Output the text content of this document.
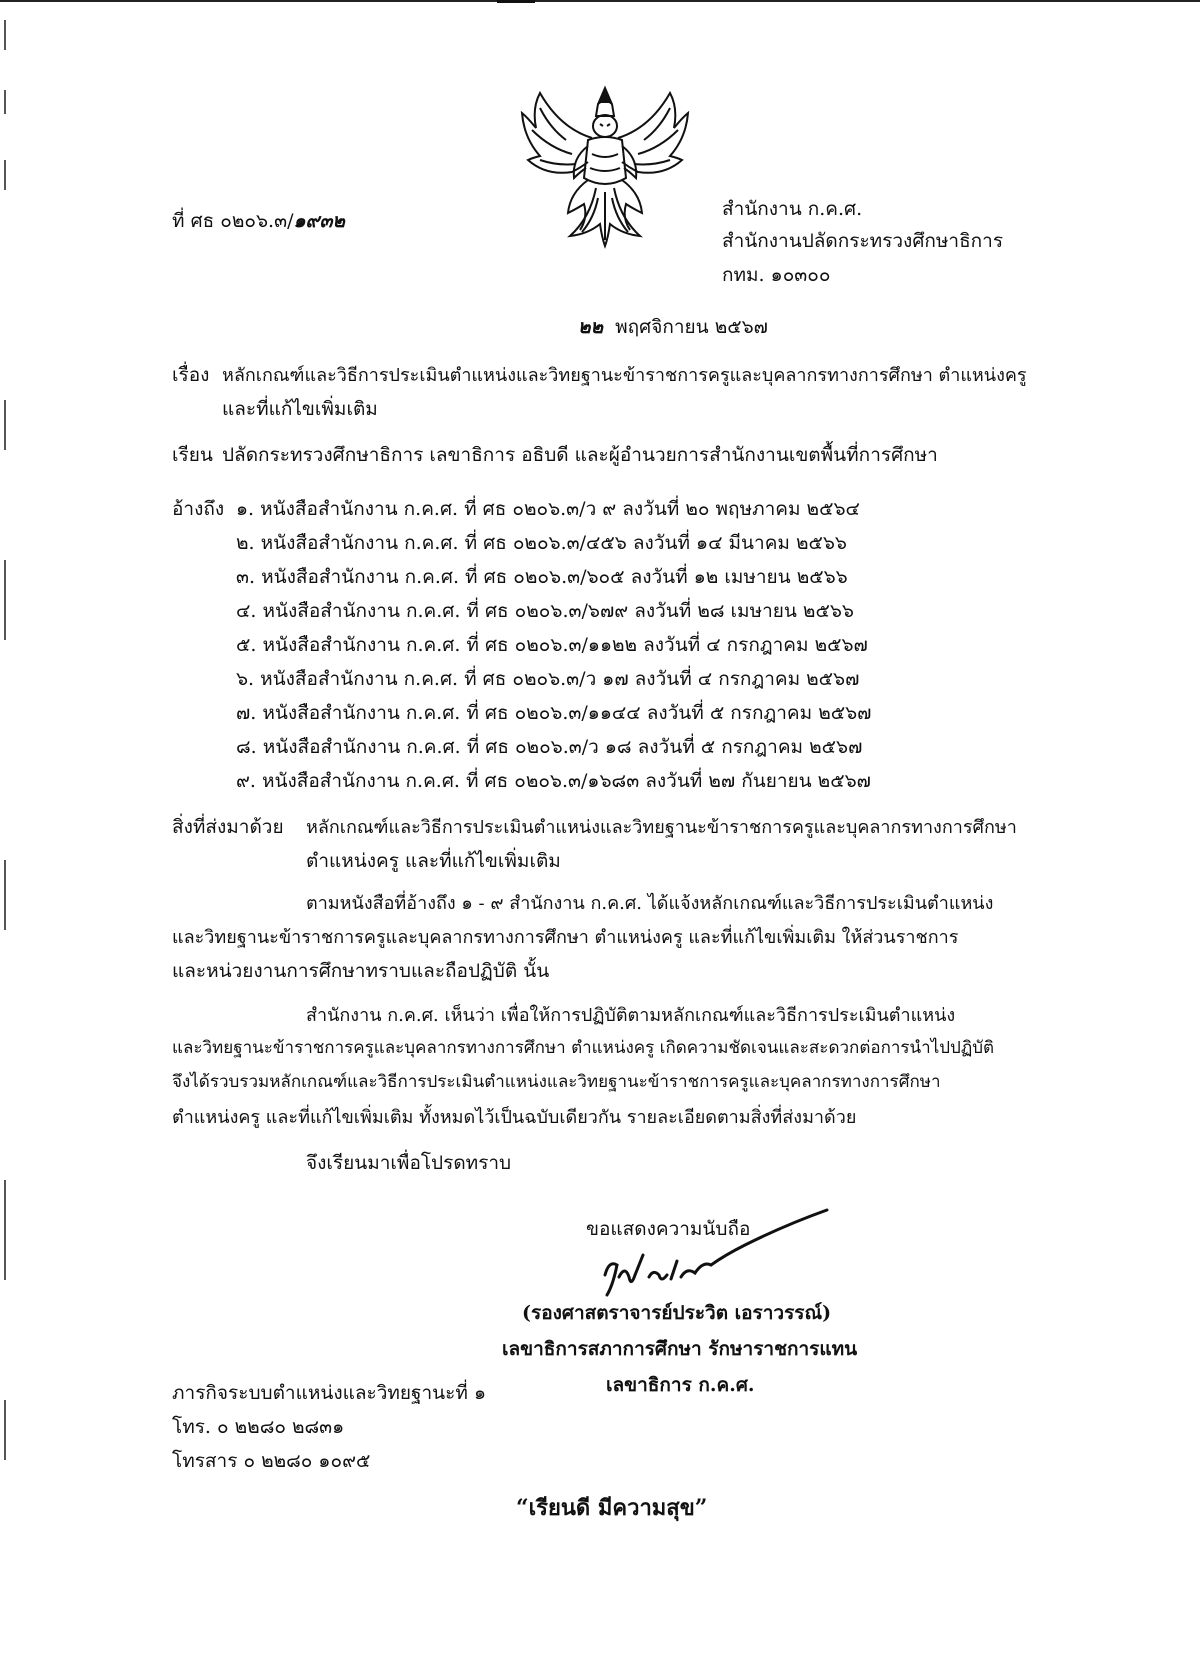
ที่ ศธ ๐๒๐๖.๓/๑๙๓๒
สำนักงาน ก.ค.ศ.
สำนักงานปลัดกระทรวงศึกษาธิการ
กทม. ๑๐๓๐๐
๒๒ พฤศจิกายน ๒๕๖๗
เรื่อง หลักเกณฑ์และวิธีการประเมินตำแหน่งและวิทยฐานะข้าราชการครูและบุคลากรทางการศึกษา ตำแหน่งครู
และที่แก้ไขเพิ่มเติม
เรียน ปลัดกระทรวงศึกษาธิการ เลขาธิการ อธิบดี และผู้อำนวยการสำนักงานเขตพื้นที่การศึกษา
อ้างถึง ๑. หนังสือสำนักงาน ก.ค.ศ. ที่ ศธ ๐๒๐๖.๓/ว ๙ ลงวันที่ ๒๐ พฤษภาคม ๒๕๖๔
๒. หนังสือสำนักงาน ก.ค.ศ. ที่ ศธ ๐๒๐๖.๓/๔๕๖ ลงวันที่ ๑๔ มีนาคม ๒๕๖๖
๓. หนังสือสำนักงาน ก.ค.ศ. ที่ ศธ ๐๒๐๖.๓/๖๐๕ ลงวันที่ ๑๒ เมษายน ๒๕๖๖
๔. หนังสือสำนักงาน ก.ค.ศ. ที่ ศธ ๐๒๐๖.๓/๖๗๙ ลงวันที่ ๒๘ เมษายน ๒๕๖๖
๕. หนังสือสำนักงาน ก.ค.ศ. ที่ ศธ ๐๒๐๖.๓/๑๑๒๒ ลงวันที่ ๔ กรกฎาคม ๒๕๖๗
๖. หนังสือสำนักงาน ก.ค.ศ. ที่ ศธ ๐๒๐๖.๓/ว ๑๗ ลงวันที่ ๔ กรกฎาคม ๒๕๖๗
๗. หนังสือสำนักงาน ก.ค.ศ. ที่ ศธ ๐๒๐๖.๓/๑๑๔๔ ลงวันที่ ๕ กรกฎาคม ๒๕๖๗
๘. หนังสือสำนักงาน ก.ค.ศ. ที่ ศธ ๐๒๐๖.๓/ว ๑๘ ลงวันที่ ๕ กรกฎาคม ๒๕๖๗
๙. หนังสือสำนักงาน ก.ค.ศ. ที่ ศธ ๐๒๐๖.๓/๑๖๘๓ ลงวันที่ ๒๗ กันยายน ๒๕๖๗
สิ่งที่ส่งมาด้วย หลักเกณฑ์และวิธีการประเมินตำแหน่งและวิทยฐานะข้าราชการครูและบุคลากรทางการศึกษา
ตำแหน่งครู และที่แก้ไขเพิ่มเติม
ตามหนังสือที่อ้างถึง ๑ - ๙ สำนักงาน ก.ค.ศ. ได้แจ้งหลักเกณฑ์และวิธีการประเมินตำแหน่ง
และวิทยฐานะข้าราชการครูและบุคลากรทางการศึกษา ตำแหน่งครู และที่แก้ไขเพิ่มเติม ให้ส่วนราชการ
และหน่วยงานการศึกษาทราบและถือปฏิบัติ นั้น
สำนักงาน ก.ค.ศ. เห็นว่า เพื่อให้การปฏิบัติตามหลักเกณฑ์และวิธีการประเมินตำแหน่ง
และวิทยฐานะข้าราชการครูและบุคลากรทางการศึกษา ตำแหน่งครู เกิดความชัดเจนและสะดวกต่อการนำไปปฏิบัติ
จึงได้รวบรวมหลักเกณฑ์และวิธีการประเมินตำแหน่งและวิทยฐานะข้าราชการครูและบุคลากรทางการศึกษา
ตำแหน่งครู และที่แก้ไขเพิ่มเติม ทั้งหมดไว้เป็นฉบับเดียวกัน รายละเอียดตามสิ่งที่ส่งมาด้วย
จึงเรียนมาเพื่อโปรดทราบ
ขอแสดงความนับถือ
(รองศาสตราจารย์ประวิต เอราวรรณ์)
เลขาธิการสภาการศึกษา รักษาราชการแทน
เลขาธิการ ก.ค.ศ.
ภารกิจระบบตำแหน่งและวิทยฐานะที่ ๑
โทร. ๐ ๒๒๘๐ ๒๘๓๑
โทรสาร ๐ ๒๒๘๐ ๑๐๙๕
“เรียนดี มีความสุข”
